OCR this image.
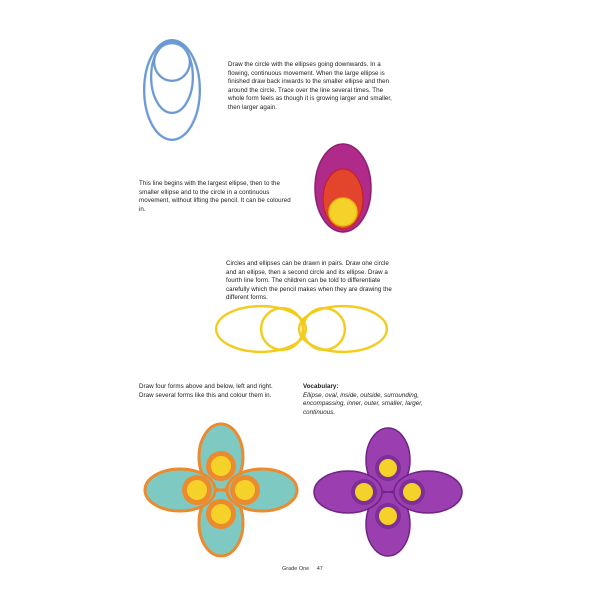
Draw the circle with the ellipses going downwards. In a flowing, continuous movement. When the large ellipse is finished draw back inwards to the smaller ellipse and then around the circle. Trace over the line several times. The whole form feels as though it is growing larger and smaller, then larger again.

This line begins with the largest ellipse, then to the smaller ellipse and to the circle in a continuous movement, without lifting the pencil. It can be coloured in.

Circles and ellipses can be drawn in pairs. Draw one circle and an ellipse, then a second circle and its ellipse. Draw a fourth line form. The children can be told to differentiate carefully which the pencil makes when they are drawing the different forms.

Draw four forms above and below, left and right. Draw several forms like this and colour them in.

Vocabulary:
Ellipse, oval, inside, outside, surrounding, encompassing, inner, outer, smaller, larger, continuous.
Grade One 47
